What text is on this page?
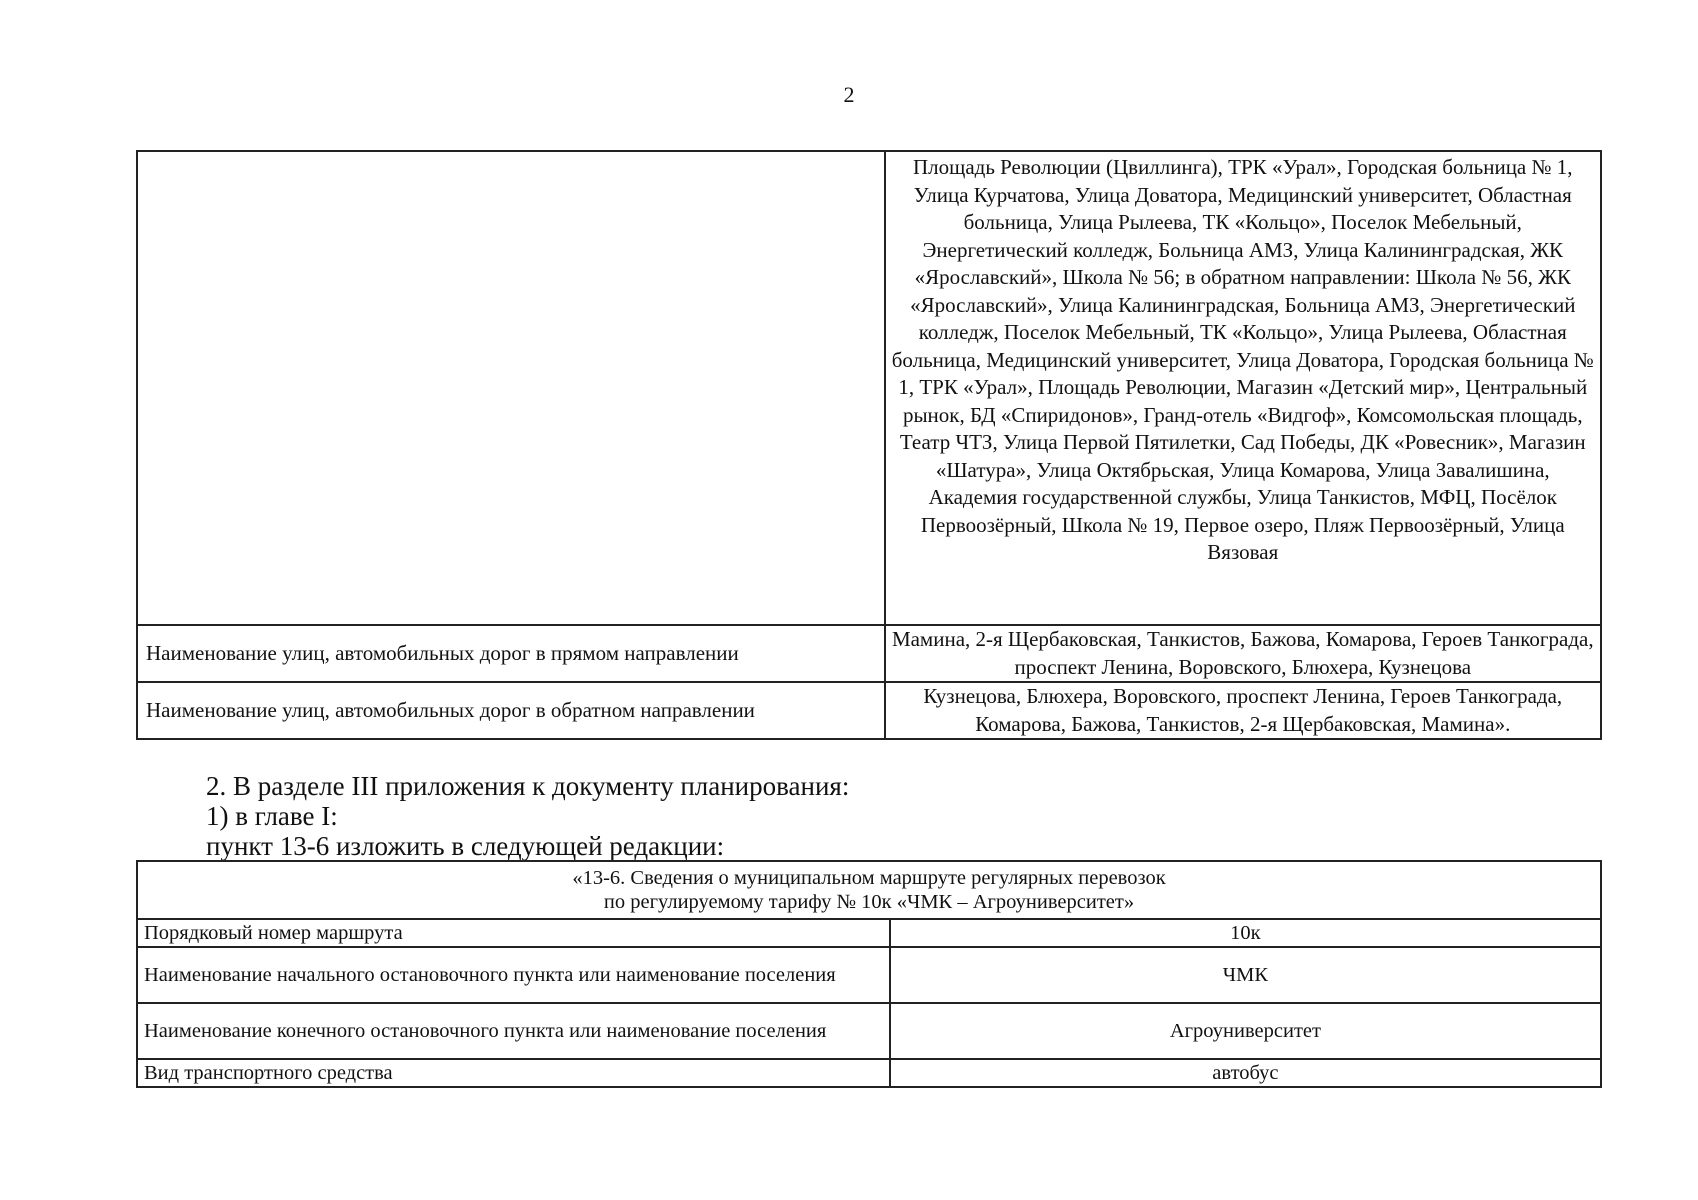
2
	Площадь Революции (Цвиллинга), ТРК «Урал», Городская больница № 1, Улица Курчатова, Улица Доватора, Медицинский университет, Областная больница, Улица Рылеева, ТК «Кольцо», Поселок Мебельный, Энергетический колледж, Больница АМЗ, Улица Калининградская, ЖК «Ярославский», Школа № 56; в обратном направлении: Школа № 56, ЖК «Ярославский», Улица Калининградская, Больница АМЗ, Энергетический колледж, Поселок Мебельный, ТК «Кольцо», Улица Рылеева, Областная больница, Медицинский университет, Улица Доватора, Городская больница № 1, ТРК «Урал», Площадь Революции, Магазин «Детский мир», Центральный рынок, БД «Спиридонов», Гранд-отель «Видгоф», Комсомольская площадь, Театр ЧТЗ, Улица Первой Пятилетки, Сад Победы, ДК «Ровесник», Магазин «Шатура», Улица Октябрьская, Улица Комарова, Улица Завалишина, Академия государственной службы, Улица Танкистов, МФЦ, Посёлок Первоозёрный, Школа № 19, Первое озеро, Пляж Первоозёрный, Улица Вязовая
Наименование улиц, автомобильных дорог в прямом направлении	Мамина, 2-я Щербаковская, Танкистов, Бажова, Комарова, Героев Танкограда, проспект Ленина, Воровского, Блюхера, Кузнецова
Наименование улиц, автомобильных дорог в обратном направлении	Кузнецова, Блюхера, Воровского, проспект Ленина, Героев Танкограда, Комарова, Бажова, Танкистов, 2-я Щербаковская, Мамина».

2. В разделе III приложения к документу планирования:

1) в главе I:

пункт 13-6 изложить в следующей редакции:

«13-6. Сведения о муниципальном маршруте регулярных перевозок
по регулируемому тарифу № 10к «ЧМК – Агроуниверситет»	

Порядковый номер маршрута	10к
Наименование начального остановочного пункта или наименование поселения	ЧМК
Наименование конечного остановочного пункта или наименование поселения	Агроуниверситет
Вид транспортного средства	автобус
